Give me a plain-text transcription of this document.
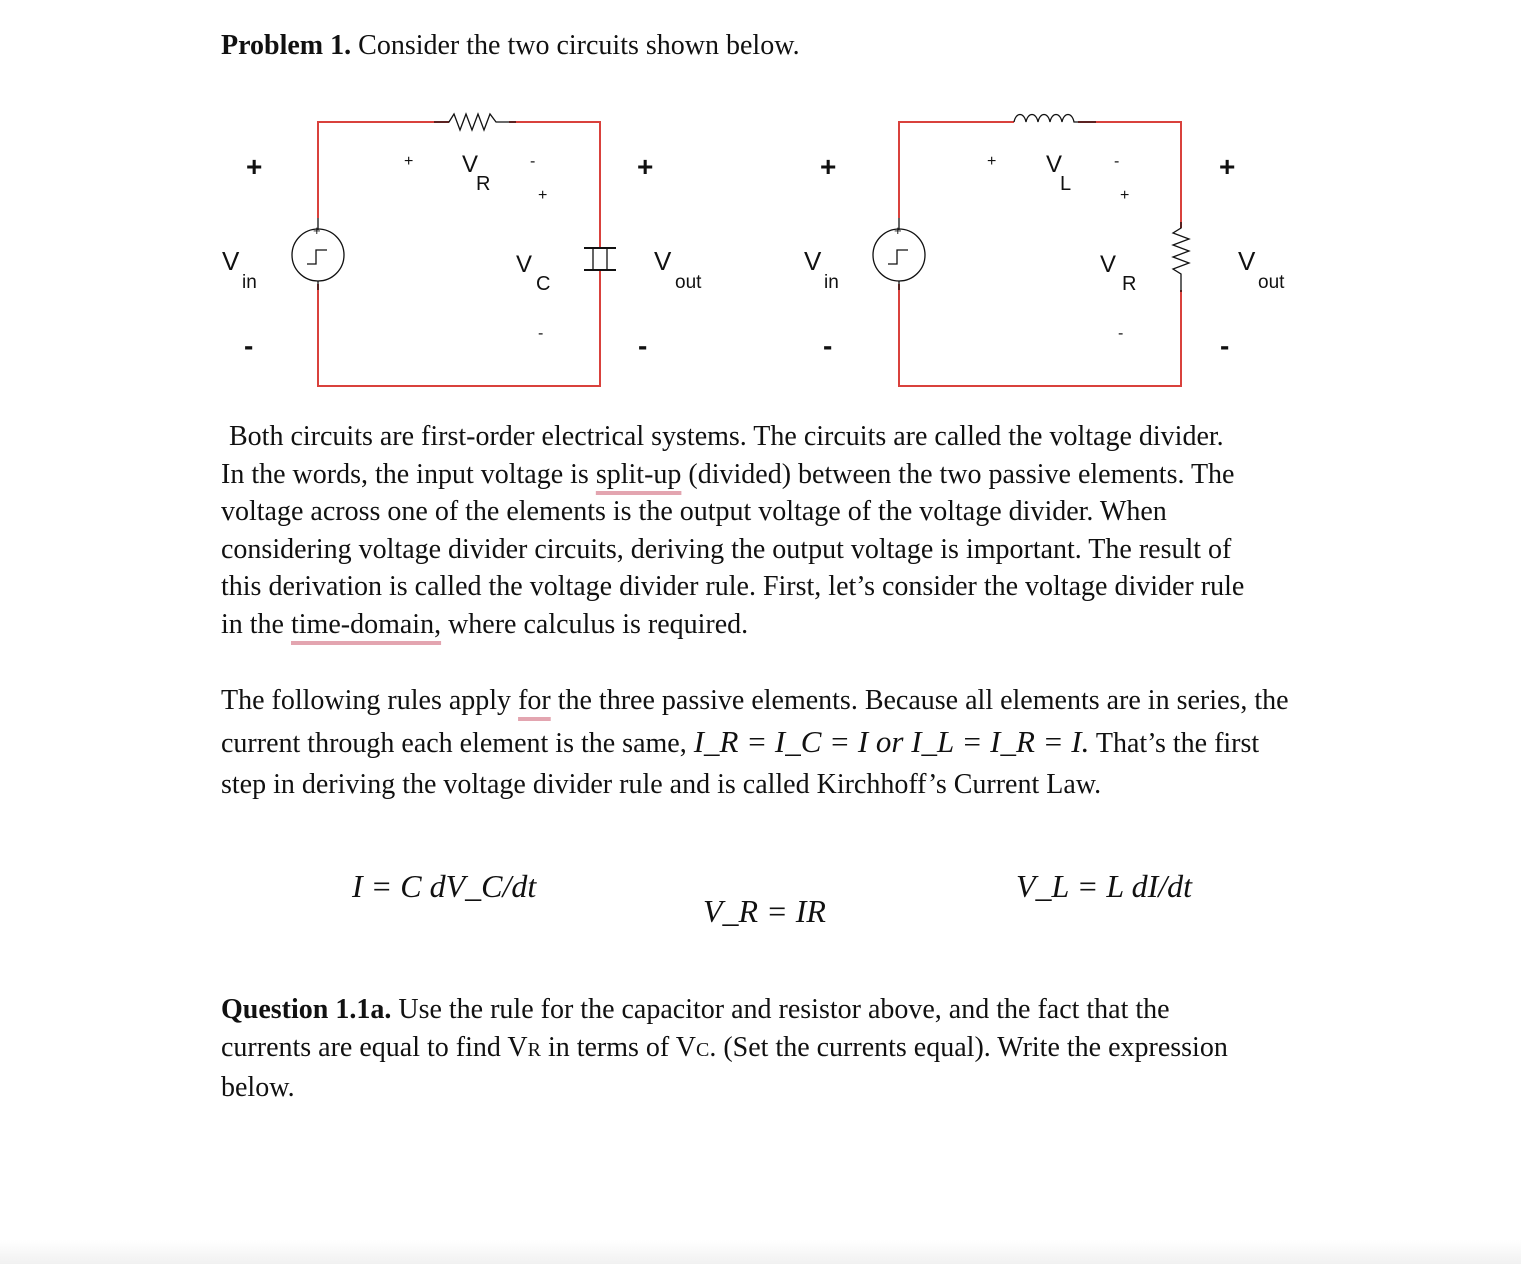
Problem 1. Consider the two circuits shown below.
+
+
V
in
-
+ V
R
-
+
V
C
-
+
V
out
-
+
+
V
in
-
+ V
L
-
+
V
R
-
+
V
out
-
Both circuits are first-order electrical systems. The circuits are called the voltage divider. In the words, the input voltage is split-up (divided) between the two passive elements. The voltage across one of the elements is the output voltage of the voltage divider. When considering voltage divider circuits, deriving the output voltage is important. The result of this derivation is called the voltage divider rule. First, let’s consider the voltage divider rule in the time-domain, where calculus is required.
The following rules apply for the three passive elements. Because all elements are in series, the current through each element is the same, I_R = I_C = I or I_L = I_R = I. That’s the first step in deriving the voltage divider rule and is called Kirchhoff’s Current Law.
I = C dV_C/dt
V_R = IR
V_L = L dI/dt
Question 1.1a. Use the rule for the capacitor and resistor above, and the fact that the currents are equal to find VR in terms of VC. (Set the currents equal). Write the expression below.
